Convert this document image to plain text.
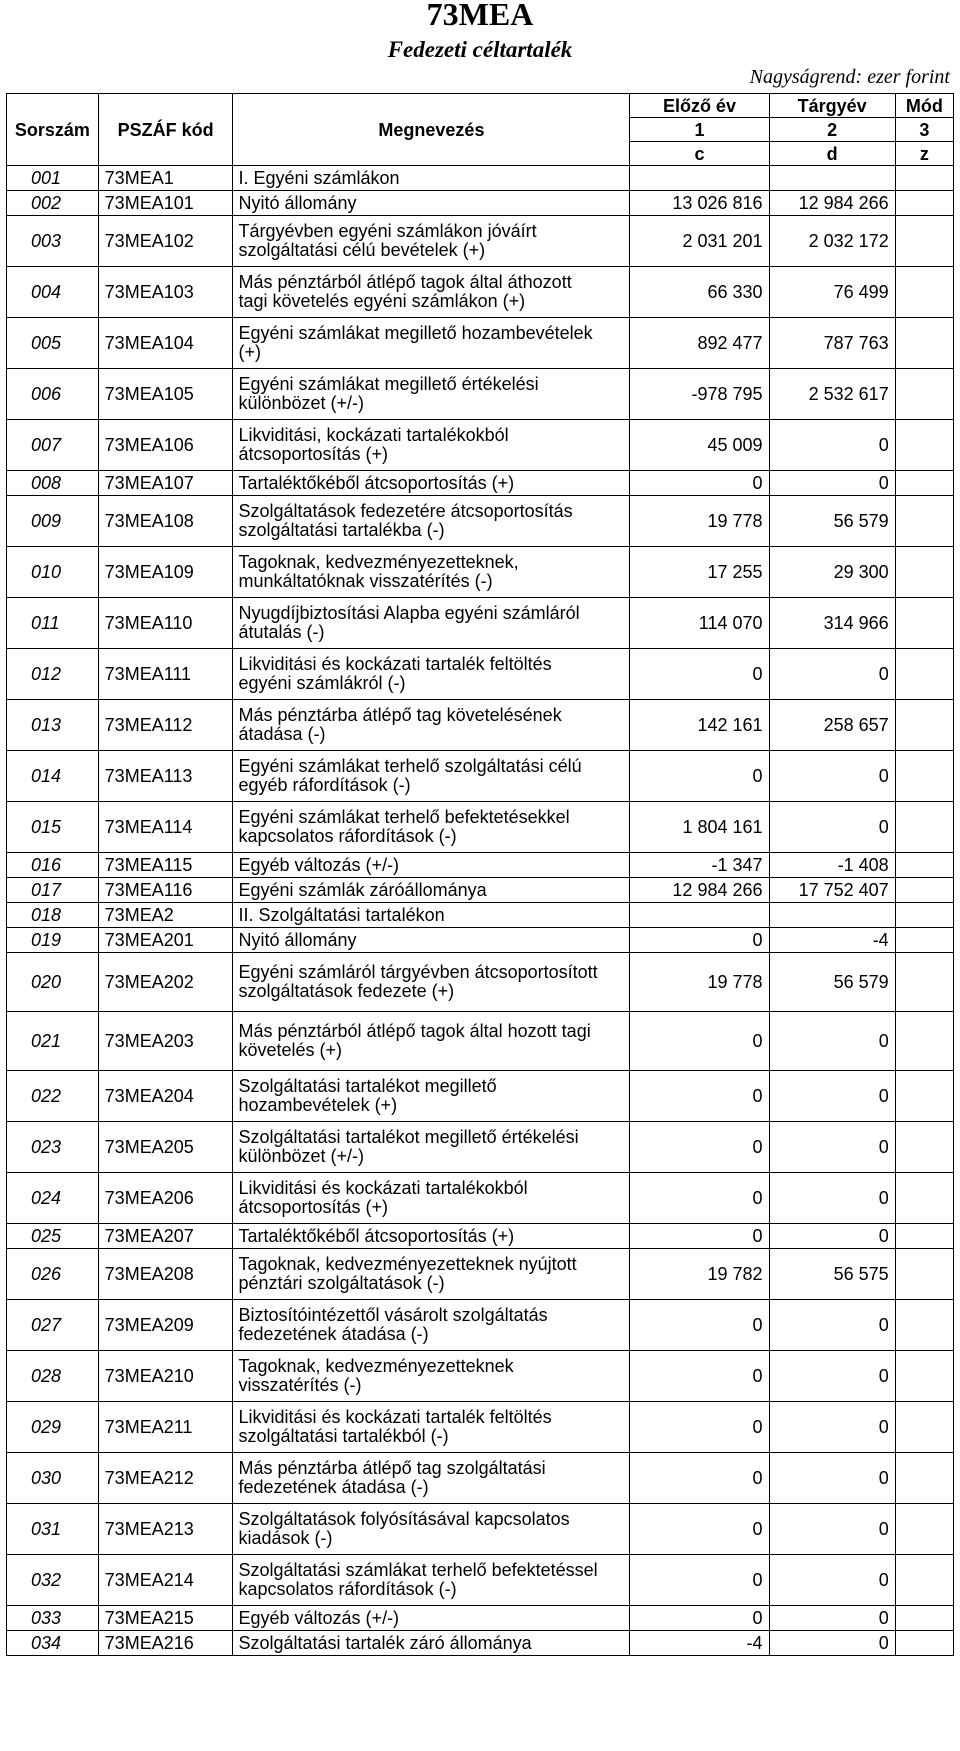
73MEA
Fedezeti céltartalék
Nagyságrend: ezer forint
			Előző év	Tárgyév	Mód
Sorszám	PSZÁF kód	Megnevezés	1	2	3
			c	d	z
001	73MEA1	I. Egyéni számlákon			

002	73MEA101	Nyitó állomány	13 026 816	12 984 266	
003	73MEA102	Tárgyévben egyéni számlákon jóváírt
szolgáltatási célú bevételek (+)	2 031 201	2 032 172	
004	73MEA103	Más pénztárból átlépő tagok által áthozott
tagi követelés egyéni számlákon (+)	66 330	76 499	
005	73MEA104	Egyéni számlákat megillető hozambevételek
(+)	892 477	787 763	
006	73MEA105	Egyéni számlákat megillető értékelési
különbözet (+/-)	-978 795	2 532 617	
007	73MEA106	Likviditási, kockázati tartalékokból
átcsoportosítás (+)	45 009	0	
008	73MEA107	Tartaléktőkéből átcsoportosítás (+)	0	0	
009	73MEA108	Szolgáltatások fedezetére átcsoportosítás
szolgáltatási tartalékba (-)	19 778	56 579	
010	73MEA109	Tagoknak, kedvezményezetteknek,
munkáltatóknak visszatérítés (-)	17 255	29 300	
011	73MEA110	Nyugdíjbiztosítási Alapba egyéni számláról
átutalás (-)	114 070	314 966	
012	73MEA111	Likviditási és kockázati tartalék feltöltés
egyéni számlákról (-)	0	0	
013	73MEA112	Más pénztárba átlépő tag követelésének
átadása (-)	142 161	258 657	
014	73MEA113	Egyéni számlákat terhelő szolgáltatási célú
egyéb ráfordítások (-)	0	0	
015	73MEA114	Egyéni számlákat terhelő befektetésekkel
kapcsolatos ráfordítások (-)	1 804 161	0	
016	73MEA115	Egyéb változás (+/-)	-1 347	-1 408	
017	73MEA116	Egyéni számlák záróállománya	12 984 266	17 752 407	
018	73MEA2	II. Szolgáltatási tartalékon			

019	73MEA201	Nyitó állomány	0	-4	
020	73MEA202	Egyéni számláról tárgyévben átcsoportosított
szolgáltatások fedezete (+)	19 778	56 579	
021	73MEA203	Más pénztárból átlépő tagok által hozott tagi
követelés (+)	0	0	
022	73MEA204	Szolgáltatási tartalékot megillető
hozambevételek (+)	0	0	
023	73MEA205	Szolgáltatási tartalékot megillető értékelési
különbözet (+/-)	0	0	
024	73MEA206	Likviditási és kockázati tartalékokból
átcsoportosítás (+)	0	0	
025	73MEA207	Tartaléktőkéből átcsoportosítás (+)	0	0	
026	73MEA208	Tagoknak, kedvezményezetteknek nyújtott
pénztári szolgáltatások (-)	19 782	56 575	
027	73MEA209	Biztosítóintézettől vásárolt szolgáltatás
fedezetének átadása (-)	0	0	
028	73MEA210	Tagoknak, kedvezményezetteknek
visszatérítés (-)	0	0	
029	73MEA211	Likviditási és kockázati tartalék feltöltés
szolgáltatási tartalékból (-)	0	0	
030	73MEA212	Más pénztárba átlépő tag szolgáltatási
fedezetének átadása (-)	0	0	
031	73MEA213	Szolgáltatások folyósításával kapcsolatos
kiadások (-)	0	0	
032	73MEA214	Szolgáltatási számlákat terhelő befektetéssel
kapcsolatos ráfordítások (-)	0	0	
033	73MEA215	Egyéb változás (+/-)	0	0	
034	73MEA216	Szolgáltatási tartalék záró állománya	-4	0	
